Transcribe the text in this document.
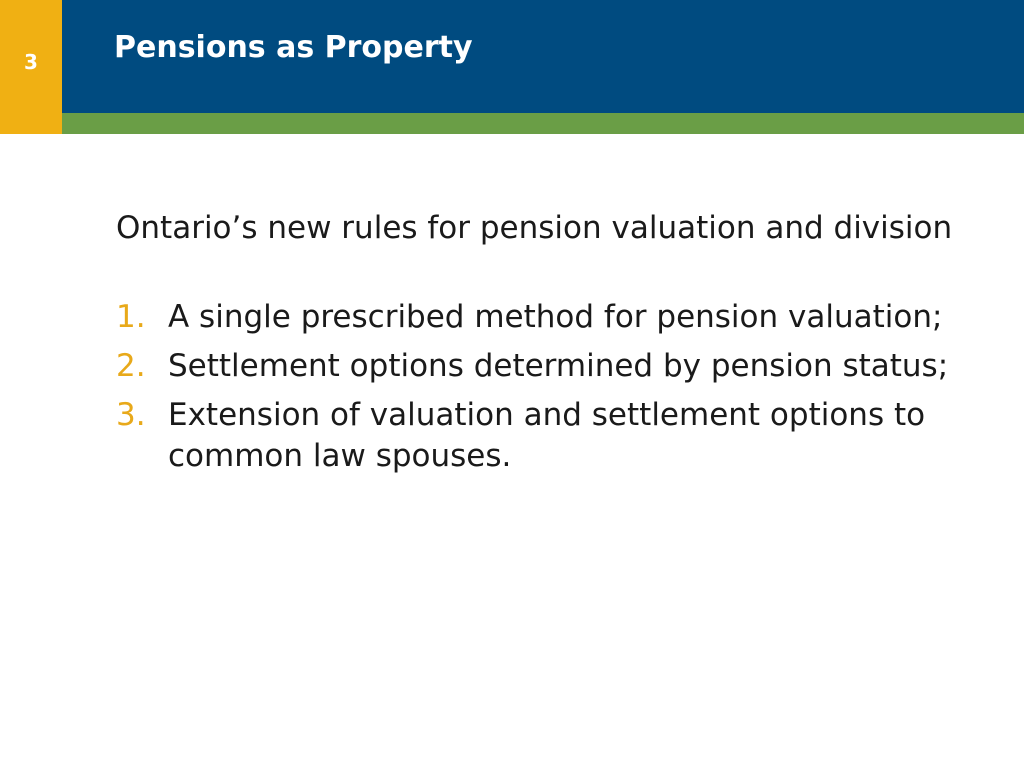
3	Pensions as Property

Ontario’s new rules for pension valuation and division

1. A single prescribed method for pension valuation;
2. Settlement options determined by pension status;
3. Extension of valuation and settlement options to common law spouses.
